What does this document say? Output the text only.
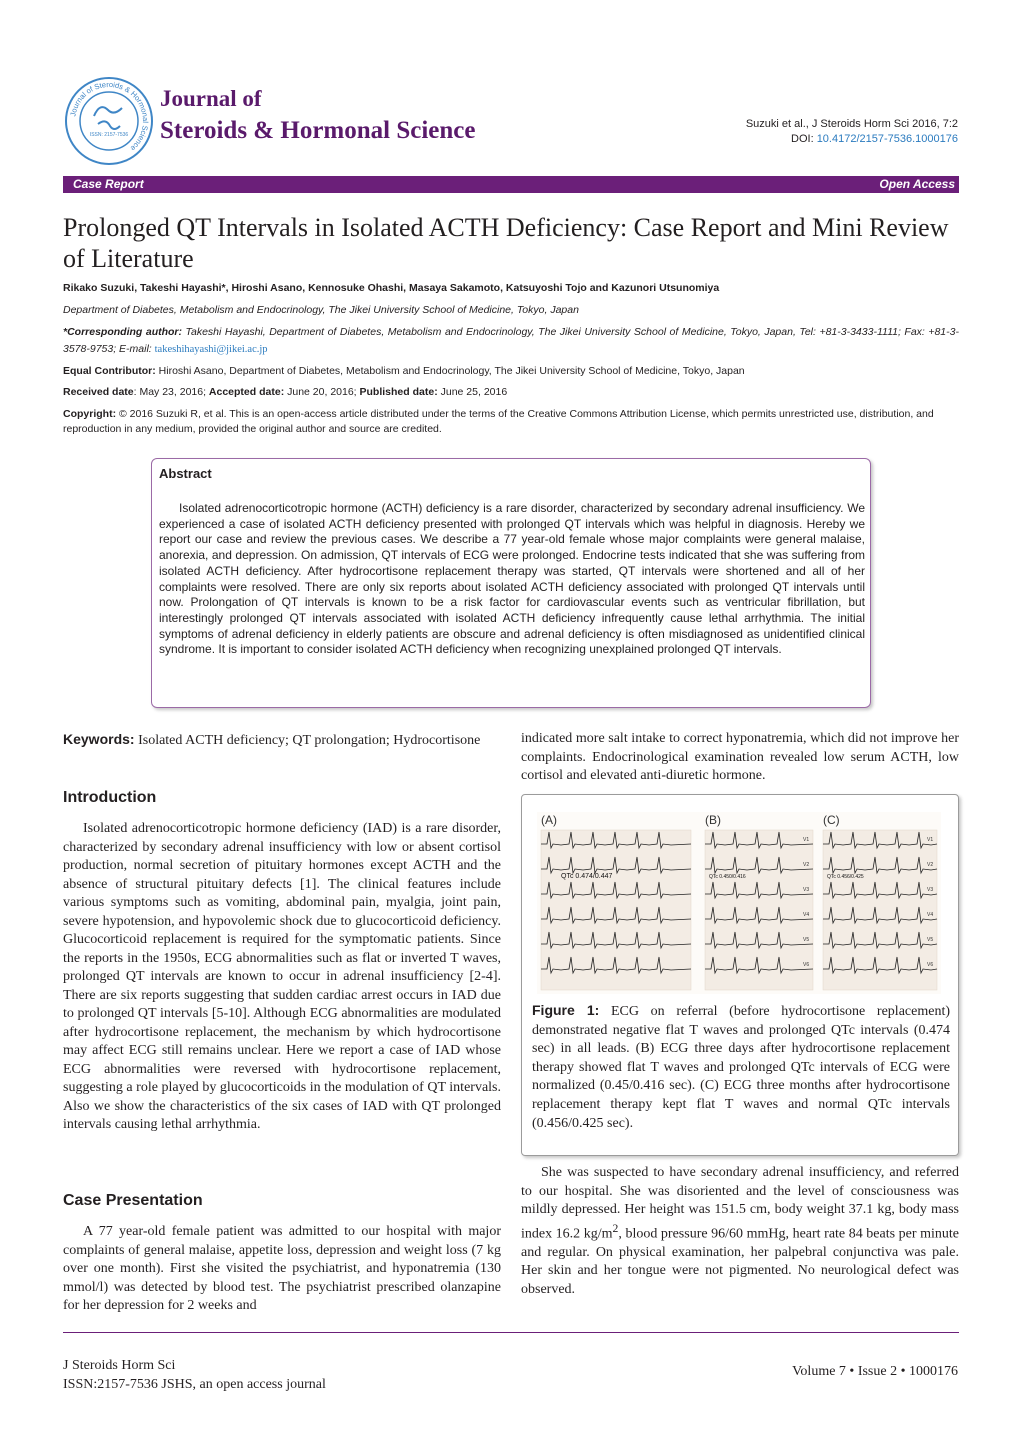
Journal of Steroids & Hormonal Science
ISSN: 2157-7536
Journal of
Steroids & Hormonal Science	Suzuki et al., J Steroids Horm Sci 2016, 7:2
DOI: 10.4172/2157-7536.1000176
Case Report	Open Access
Prolonged QT Intervals in Isolated ACTH Deficiency: Case Report and Mini Review of Literature
Rikako Suzuki, Takeshi Hayashi*, Hiroshi Asano, Kennosuke Ohashi, Masaya Sakamoto, Katsuyoshi Tojo and Kazunori Utsunomiya
Department of Diabetes, Metabolism and Endocrinology, The Jikei University School of Medicine, Tokyo, Japan
*Corresponding author: Takeshi Hayashi, Department of Diabetes, Metabolism and Endocrinology, The Jikei University School of Medicine, Tokyo, Japan, Tel: +81-3-3433-1111; Fax: +81-3-3578-9753; E-mail: takeshihayashi@jikei.ac.jp
Equal Contributor: Hiroshi Asano, Department of Diabetes, Metabolism and Endocrinology, The Jikei University School of Medicine, Tokyo, Japan
Received date: May 23, 2016; Accepted date: June 20, 2016; Published date: June 25, 2016
Copyright: © 2016 Suzuki R, et al. This is an open-access article distributed under the terms of the Creative Commons Attribution License, which permits unrestricted use, distribution, and reproduction in any medium, provided the original author and source are credited.
Abstract
Isolated adrenocorticotropic hormone (ACTH) deficiency is a rare disorder, characterized by secondary adrenal insufficiency. We experienced a case of isolated ACTH deficiency presented with prolonged QT intervals which was helpful in diagnosis. Hereby we report our case and review the previous cases. We describe a 77 year-old female whose major complaints were general malaise, anorexia, and depression. On admission, QT intervals of ECG were prolonged. Endocrine tests indicated that she was suffering from isolated ACTH deficiency. After hydrocortisone replacement therapy was started, QT intervals were shortened and all of her complaints were resolved. There are only six reports about isolated ACTH deficiency associated with prolonged QT intervals until now. Prolongation of QT intervals is known to be a risk factor for cardiovascular events such as ventricular fibrillation, but interestingly prolonged QT intervals associated with isolated ACTH deficiency infrequently cause lethal arrhythmia. The initial symptoms of adrenal deficiency in elderly patients are obscure and adrenal deficiency is often misdiagnosed as unidentified clinical syndrome. It is important to consider isolated ACTH deficiency when recognizing unexplained prolonged QT intervals.
Keywords: Isolated ACTH deficiency; QT prolongation; Hydrocortisone
Introduction
Isolated adrenocorticotropic hormone deficiency (IAD) is a rare disorder, characterized by secondary adrenal insufficiency with low or absent cortisol production, normal secretion of pituitary hormones except ACTH and the absence of structural pituitary defects [1]. The clinical features include various symptoms such as vomiting, abdominal pain, myalgia, joint pain, severe hypotension, and hypovolemic shock due to glucocorticoid deficiency. Glucocorticoid replacement is required for the symptomatic patients. Since the reports in the 1950s, ECG abnormalities such as flat or inverted T waves, prolonged QT intervals are known to occur in adrenal insufficiency [2-4]. There are six reports suggesting that sudden cardiac arrest occurs in IAD due to prolonged QT intervals [5-10]. Although ECG abnormalities are modulated after hydrocortisone replacement, the mechanism by which hydrocortisone may affect ECG still remains unclear. Here we report a case of IAD whose ECG abnormalities were reversed with hydrocortisone replacement, suggesting a role played by glucocorticoids in the modulation of QT intervals. Also we show the characteristics of the six cases of IAD with QT prolonged intervals causing lethal arrhythmia.
Case Presentation
A 77 year-old female patient was admitted to our hospital with major complaints of general malaise, appetite loss, depression and weight loss (7 kg over one month). First she visited the psychiatrist, and hyponatremia (130 mmol/l) was detected by blood test. The psychiatrist prescribed olanzapine for her depression for 2 weeks and
indicated more salt intake to correct hyponatremia, which did not improve her complaints. Endocrinological examination revealed low serum ACTH, low cortisol and elevated anti-diuretic hormone.
(A)
QTc 0.474/0.447
(B)
V1
V2
V3
V4
V5
V6
QTc 0.450/0.416
(C)
V1
V2
V3
V4
V5
V6
QTc 0.456/0.425
Figure 1: ECG on referral (before hydrocortisone replacement) demonstrated negative flat T waves and prolonged QTc intervals (0.474 sec) in all leads. (B) ECG three days after hydrocortisone replacement therapy showed flat T waves and prolonged QTc intervals of ECG were normalized (0.45/0.416 sec). (C) ECG three months after hydrocortisone replacement therapy kept flat T waves and normal QTc intervals (0.456/0.425 sec).
She was suspected to have secondary adrenal insufficiency, and referred to our hospital. She was disoriented and the level of consciousness was mildly depressed. Her height was 151.5 cm, body weight 37.1 kg, body mass index 16.2 $kg/m^2$, blood pressure 96/60 mmHg, heart rate 84 beats per minute and regular. On physical examination, her palpebral conjunctiva was pale. Her skin and her tongue were not pigmented. No neurological defect was observed.
J Steroids Horm Sci
ISSN:2157-7536 JSHS, an open access journal
Volume 7 • Issue 2 • 1000176
